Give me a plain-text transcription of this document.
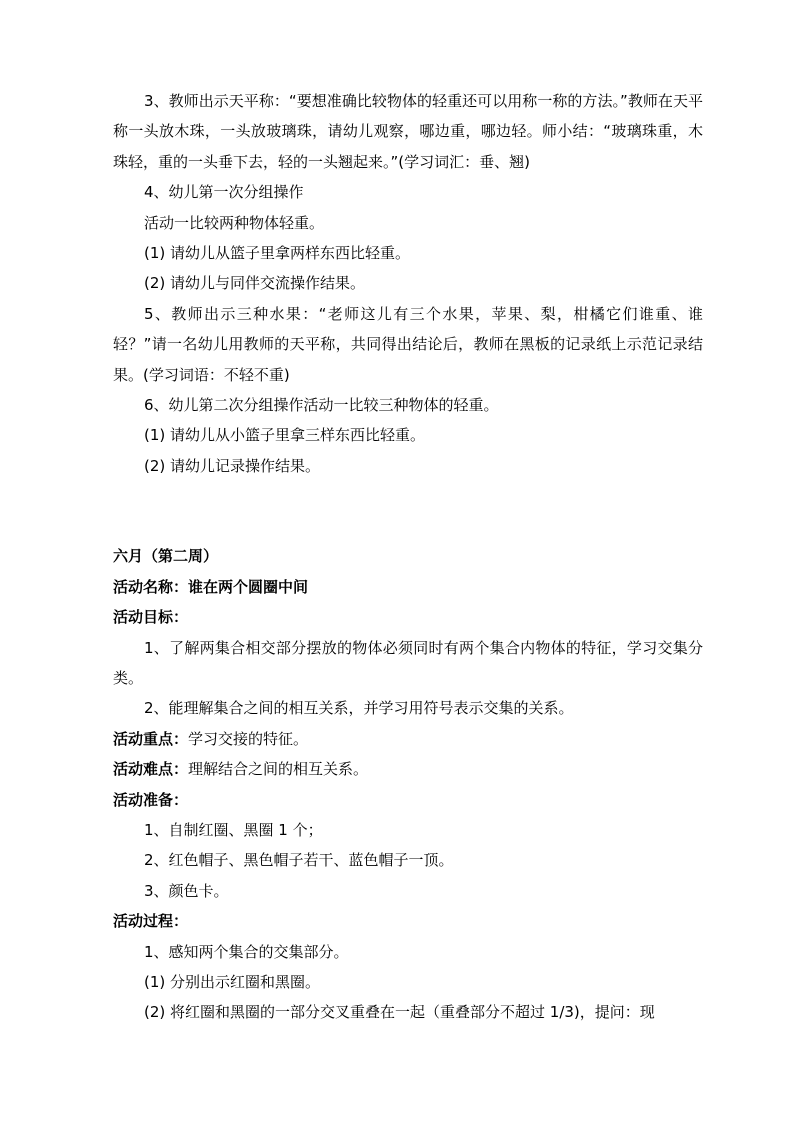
3、教师出示天平称：“要想准确比较物体的轻重还可以用称一称的方法。”教师在天平称一头放木珠，一头放玻璃珠，请幼儿观察，哪边重，哪边轻。师小结：“玻璃珠重，木珠轻，重的一头垂下去，轻的一头翘起来。”(学习词汇：垂、翘)

4、幼儿第一次分组操作

活动一比较两种物体轻重。

(1) 请幼儿从篮子里拿两样东西比轻重。

(2) 请幼儿与同伴交流操作结果。

5、教师出示三种水果：“老师这儿有三个水果，苹果、梨，柑橘它们谁重、谁轻？”请一名幼儿用教师的天平称，共同得出结论后，教师在黑板的记录纸上示范记录结果。(学习词语：不轻不重)

6、幼儿第二次分组操作活动一比较三种物体的轻重。

(1) 请幼儿从小篮子里拿三样东西比轻重。

(2) 请幼儿记录操作结果。

六月（第二周）

活动名称：谁在两个圆圈中间

活动目标：

1、了解两集合相交部分摆放的物体必须同时有两个集合内物体的特征，学习交集分类。

2、能理解集合之间的相互关系，并学习用符号表示交集的关系。

活动重点：学习交接的特征。

活动难点：理解结合之间的相互关系。

活动准备：

1、自制红圈、黑圈 1 个；

2、红色帽子、黑色帽子若干、蓝色帽子一顶。

3、颜色卡。

活动过程：

1、感知两个集合的交集部分。

(1) 分别出示红圈和黑圈。

(2) 将红圈和黑圈的一部分交叉重叠在一起（重叠部分不超过 1/3)，提问：现
